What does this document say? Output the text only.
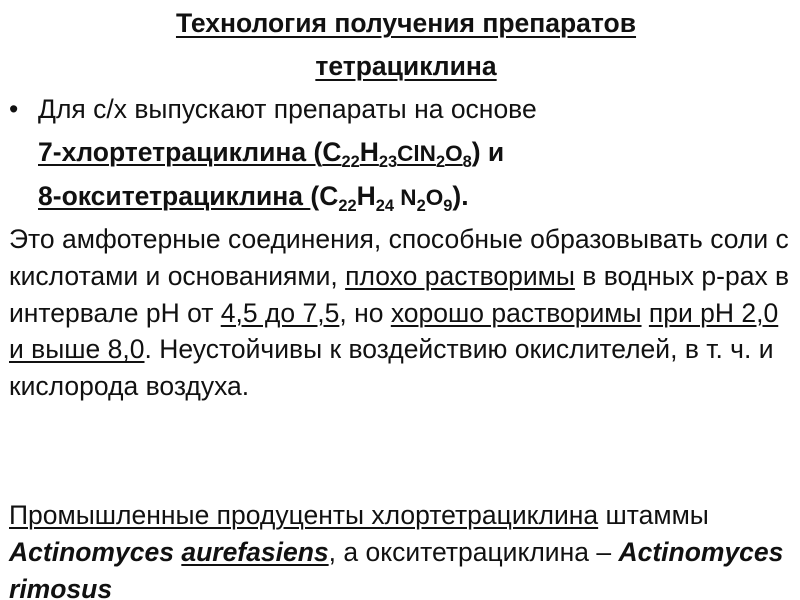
Технология получения препаратов
тетрациклина
• Для с/х выпускают препараты на основе
7-хлортетрациклина $(С_{22}Н_{23}ClN_2O_8)$ и
8-окситетрациклина ($С_{22}Н_{24}$ $N_2O_9$).
Это амфотерные соединения, способные образовывать соли с кислотами и основаниями, плохо растворимы в водных р-рах в интервале рН от 4,5 до 7,5, но хорошо растворимы при рН 2,0 и выше 8,0. Неустойчивы к воздействию окислителей, в т. ч. и кислорода воздуха.
Промышленные продуценты хлортетрациклина штаммы Actinomyces aurefasiens, а окситетрациклина – Actinomyces rimosus
